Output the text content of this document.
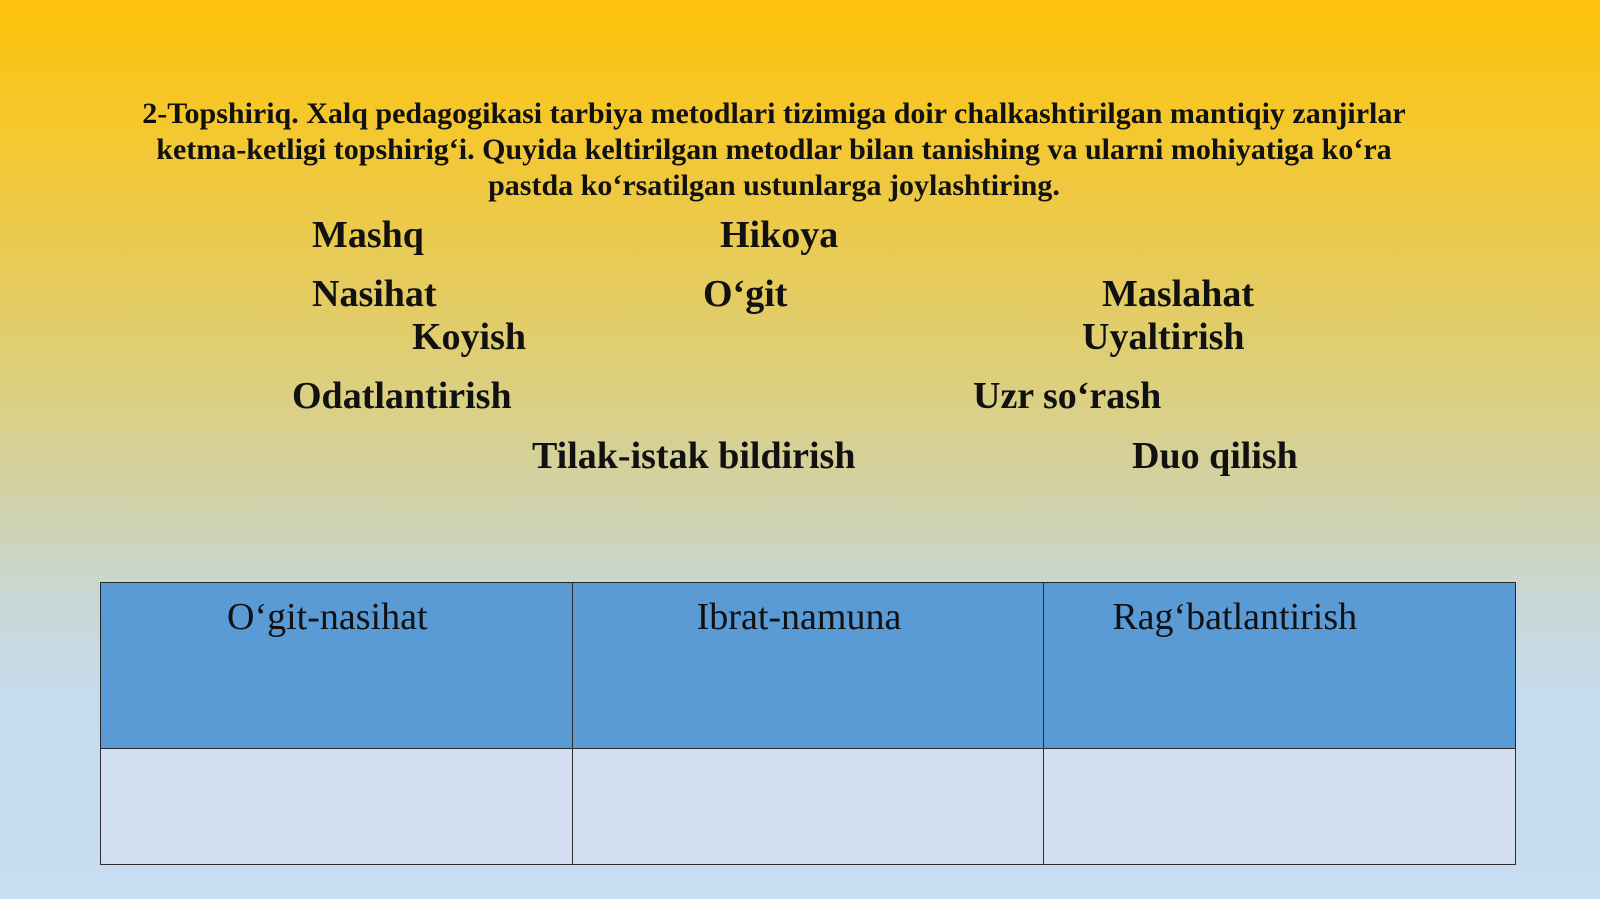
2-Topshiriq. Xalq pedagogikasi tarbiya metodlari tizimiga doir chalkashtirilgan mantiqiy zanjirlar ketma-ketligi topshirig‘i. Quyida keltirilgan metodlar bilan tanishing va ularni mohiyatiga ko‘ra pastda ko‘rsatilgan ustunlarga joylashtiring.

Mashq	Hikoya
Nasihat	O‘git	Maslahat
Koyish	Uyaltirish
Odatlantirish	Uzr so‘rash
Tilak-istak bildirish	Duo qilish
O‘git-nasihat	Ibrat-namuna	Rag‘batlantirish
